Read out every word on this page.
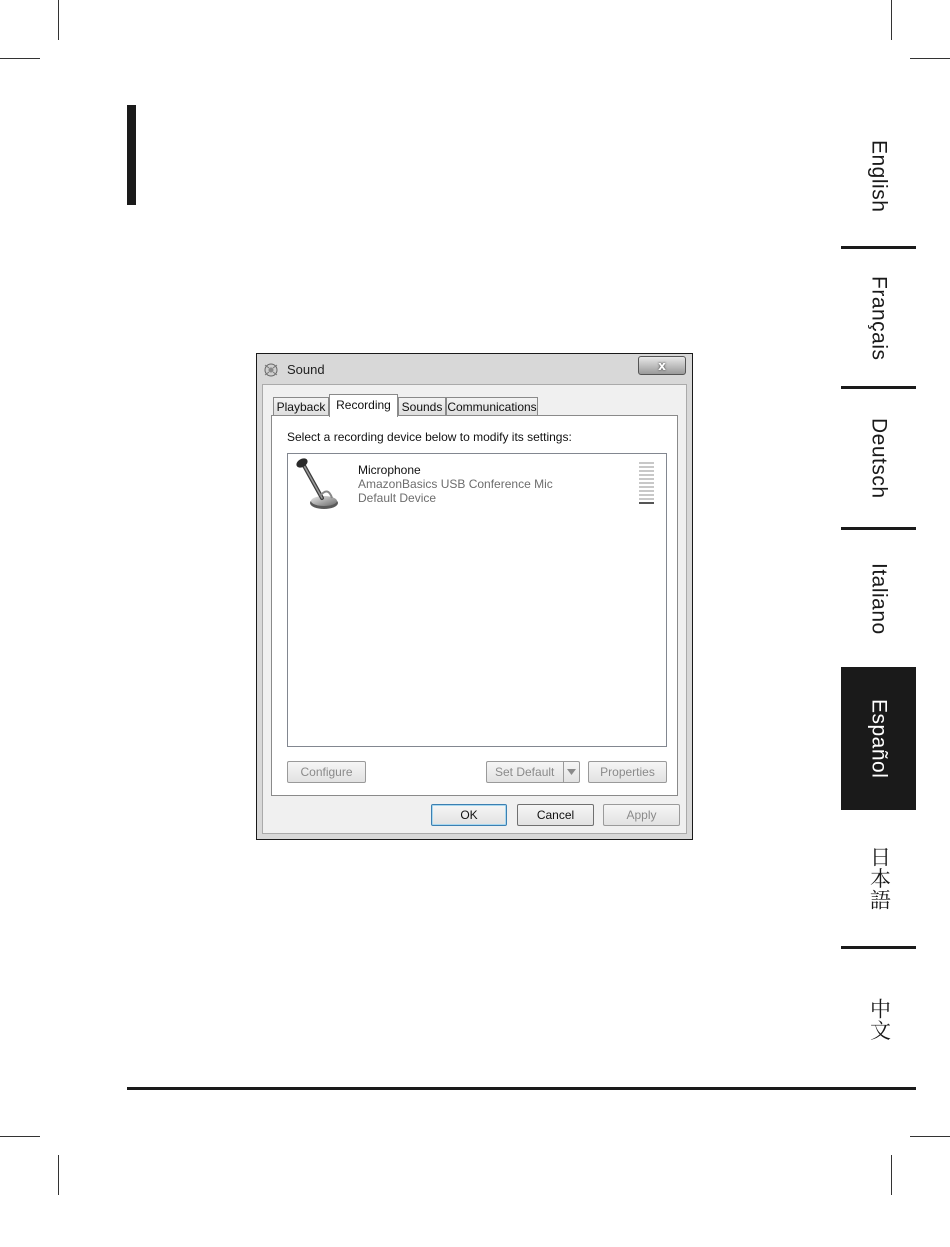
English
Français
Deutsch
Italiano
Español
日本語
中文
Sound	x
Playback Recording Sounds Communications
Select a recording device below to modify its settings:
Microphone
AmazonBasics USB Conference Mic
Default Device
Configure	Set Default	Properties
OK	Cancel	Apply
